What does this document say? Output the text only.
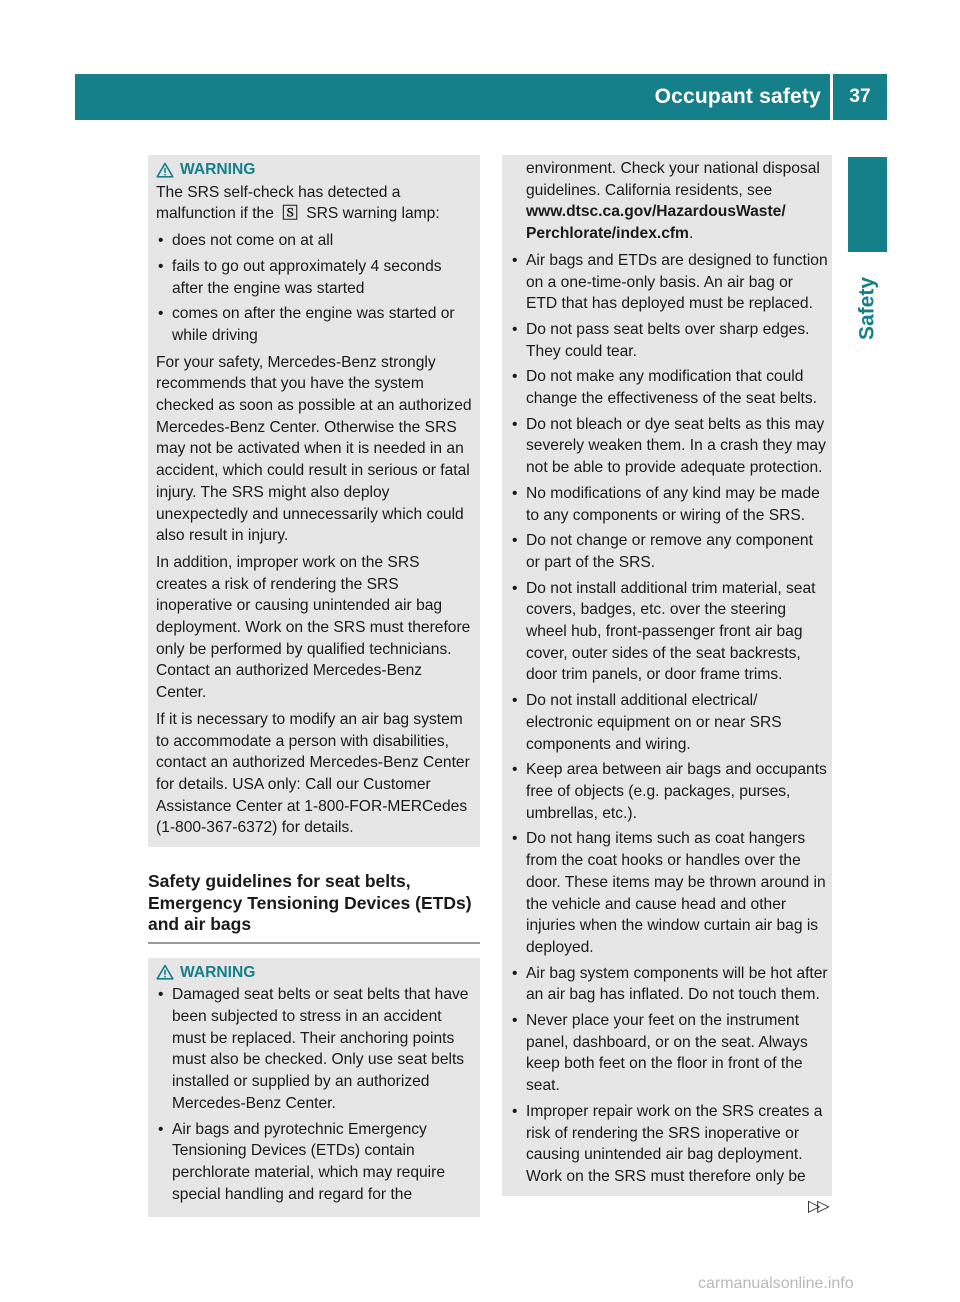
Occupant safety	37
Safety
WARNING

The SRS self-check has detected a malfunction if the 🅂 SRS warning lamp:

• does not come on at all
• fails to go out approximately 4 seconds after the engine was started
• comes on after the engine was started or while driving

For your safety, Mercedes-Benz strongly recommends that you have the system checked as soon as possible at an authorized Mercedes-Benz Center. Otherwise the SRS may not be activated when it is needed in an accident, which could result in serious or fatal injury. The SRS might also deploy unexpectedly and unnecessarily which could also result in injury.

In addition, improper work on the SRS creates a risk of rendering the SRS inoperative or causing unintended air bag deployment. Work on the SRS must therefore only be performed by qualified technicians. Contact an authorized Mercedes-Benz Center.

If it is necessary to modify an air bag system to accommodate a person with disabilities, contact an authorized Mercedes-Benz Center for details. USA only: Call our Customer Assistance Center at 1-800-FOR-MERCedes (1-800-367-6372) for details.

Safety guidelines for seat belts, Emergency Tensioning Devices (ETDs) and air bags
WARNING
• Damaged seat belts or seat belts that have been subjected to stress in an accident must be replaced. Their anchoring points must also be checked. Only use seat belts installed or supplied by an authorized Mercedes-Benz Center.
• Air bags and pyrotechnic Emergency Tensioning Devices (ETDs) contain perchlorate material, which may require special handling and regard for the

environment. Check your national disposal guidelines. California residents, see www.dtsc.ca.gov/HazardousWaste/ Perchlorate/index.cfm.

• Air bags and ETDs are designed to function on a one-time-only basis. An air bag or ETD that has deployed must be replaced.
• Do not pass seat belts over sharp edges. They could tear.
• Do not make any modification that could change the effectiveness of the seat belts.
• Do not bleach or dye seat belts as this may severely weaken them. In a crash they may not be able to provide adequate protection.
• No modifications of any kind may be made to any components or wiring of the SRS.
• Do not change or remove any component or part of the SRS.
• Do not install additional trim material, seat covers, badges, etc. over the steering wheel hub, front-passenger front air bag cover, outer sides of the seat backrests, door trim panels, or door frame trims.
• Do not install additional electrical/ electronic equipment on or near SRS components and wiring.
• Keep area between air bags and occupants free of objects (e.g. packages, purses, umbrellas, etc.).
• Do not hang items such as coat hangers from the coat hooks or handles over the door. These items may be thrown around in the vehicle and cause head and other injuries when the window curtain air bag is deployed.
• Air bag system components will be hot after an air bag has inflated. Do not touch them.
• Never place your feet on the instrument panel, dashboard, or on the seat. Always keep both feet on the floor in front of the seat.
• Improper repair work on the SRS creates a risk of rendering the SRS inoperative or causing unintended air bag deployment. Work on the SRS must therefore only be
▷▷
carmanualsonline.info
